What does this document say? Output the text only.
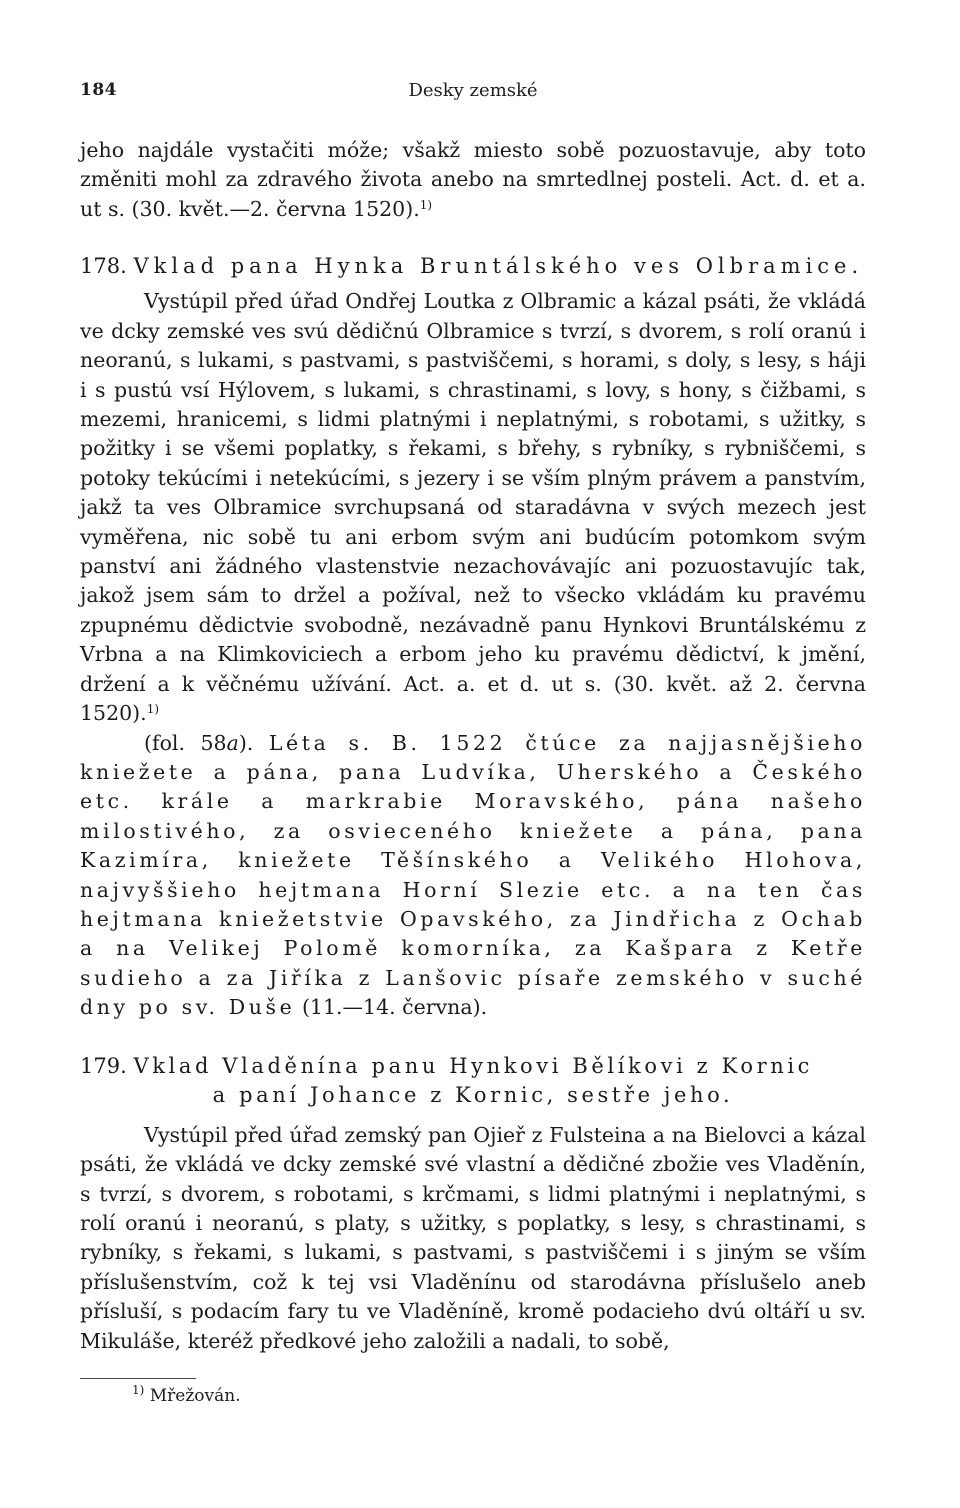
184	Desky zemské

jeho najdále vystačiti móže; všakž miesto sobě pozuostavuje, aby toto změniti mohl za zdravého života anebo na smrtedlnej posteli. Act. d. et a. ut s. (30. květ.—2. června 1520).$^{1)}$

178. Vklad pana Hynka Bruntálského ves Olbramice.

Vystúpil před úřad Ondřej Loutka z Olbramic a kázal psáti, že vkládá ve dcky zemské ves svú dědičnú Olbramice s tvrzí, s dvorem, s rolí oranú i neoranú, s lukami, s pastvami, s pastviščemi, s horami, s doly, s lesy, s háji i s pustú vsí Hýlovem, s lukami, s chrastinami, s lovy, s hony, s čižbami, s mezemi, hranicemi, s lidmi platnými i neplatnými, s robotami, s užitky, s požitky i se všemi poplatky, s řekami, s břehy, s rybníky, s rybniščemi, s potoky tekúcími i netekúcími, s jezery i se vším plným právem a panstvím, jakž ta ves Olbramice svrchupsaná od staradávna v svých mezech jest vyměřena, nic sobě tu ani erbom svým ani budúcím potomkom svým panství ani žádného vlastenstvie nezachovávajíc ani pozuostavujíc tak, jakož jsem sám to držel a požíval, než to všecko vkládám ku pravému zpupnému dědictvie svobodně, nezávadně panu Hynkovi Bruntálskému z Vrbna a na Klimkoviciech a erbom jeho ku pravému dědictví, k jmění, držení a k věčnému užívání. Act. a. et d. ut s. (30. květ. až 2. června 1520).$^{1)}$

(fol. 58a). Léta s. B. 1522 čtúce za najjasnějšieho kniežete a pána, pana Ludvíka, Uherského a Českého etc. krále a markrabie Moravského, pána našeho milostivého, za osvieceného kniežete a pána, pana Kazimíra, kniežete Těšínského a Velikého Hlohova, najvyššieho hejtmana Horní Slezie etc. a na ten čas hejtmana kniežetstvie Opavského, za Jindřicha z Ochab a na Velikej Polomě komorníka, za Kašpara z Ketře sudieho a za Jiříka z Lanšovic písaře zemského v suché dny po sv. Duše (11.—14. června).

179. Vklad Vladěnína panu Hynkovi Bělíkovi z Kornic
a paní Johance z Kornic, sestře jeho.

Vystúpil před úřad zemský pan Ojieř z Fulsteina a na Bielovci a kázal psáti, že vkládá ve dcky zemské své vlastní a dědičné zbožie ves Vladěnín, s tvrzí, s dvorem, s robotami, s krčmami, s lidmi platnými i neplatnými, s rolí oranú i neoranú, s platy, s užitky, s poplatky, s lesy, s chrastinami, s rybníky, s řekami, s lukami, s pastvami, s pastviščemi i s jiným se vším příslušenstvím, což k tej vsi Vladěnínu od starodávna příslušelo aneb přísluší, s podacím fary tu ve Vladěníně, kromě podacieho dvú oltáří u sv. Mikuláše, kteréž předkové jeho založili a nadali, to sobě,

$^{1)}$ Mřežován.
